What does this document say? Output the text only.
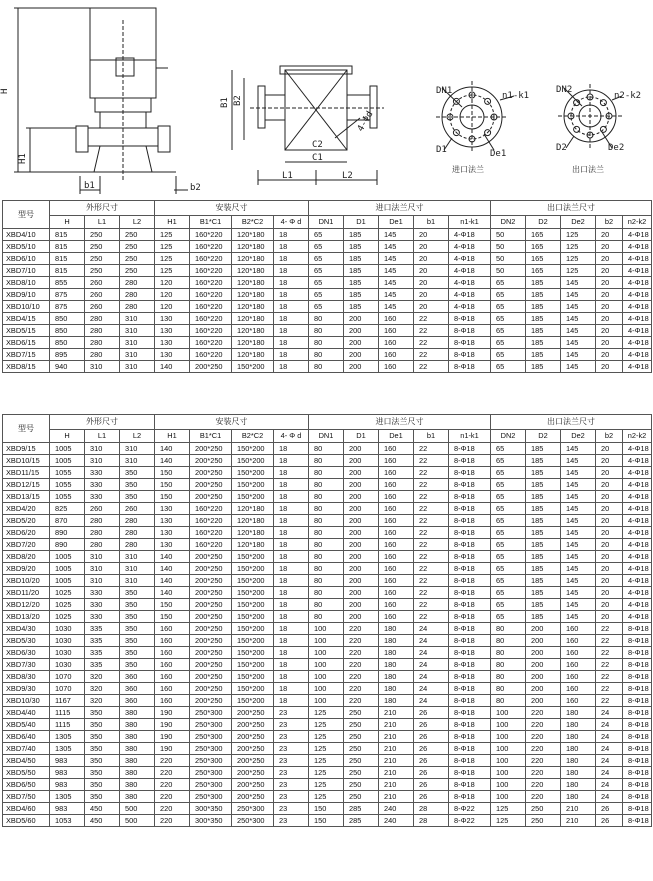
H
H1
b1	b2
B1 B2
C2
C1
L1	L2
4-Φd
DN1	n1-k1
D1	De1
进口法兰
DN2
n2-k2
D2	De2
出口法兰
型号	外形尺寸			安装尺寸				进口法兰尺寸					出口法兰尺寸				
	H	L1	L2	H1	B1*C1	B2*C2	4- Φ d	DN1	D1	De1	b1	n1-k1	DN2	D2	De2	b2	n2-k2
XBD4/10	815	250	250	125	160*220	120*180	18	65	185	145	20	4-Φ18	50	165	125	20	4-Φ18
XBD5/10	815	250	250	125	160*220	120*180	18	65	185	145	20	4-Φ18	50	165	125	20	4-Φ18
XBD6/10	815	250	250	125	160*220	120*180	18	65	185	145	20	4-Φ18	50	165	125	20	4-Φ18
XBD7/10	815	250	250	125	160*220	120*180	18	65	185	145	20	4-Φ18	50	165	125	20	4-Φ18
XBD8/10	855	260	280	120	160*220	120*180	18	65	185	145	20	4-Φ18	65	185	145	20	4-Φ18
XBD9/10	875	260	280	120	160*220	120*180	18	65	185	145	20	4-Φ18	65	185	145	20	4-Φ18
XBD10/10	875	260	280	120	160*220	120*180	18	65	185	145	20	4-Φ18	65	185	145	20	4-Φ18
XBD4/15	850	280	310	130	160*220	120*180	18	80	200	160	22	8-Φ18	65	185	145	20	4-Φ18
XBD5/15	850	280	310	130	160*220	120*180	18	80	200	160	22	8-Φ18	65	185	145	20	4-Φ18
XBD6/15	850	280	310	130	160*220	120*180	18	80	200	160	22	8-Φ18	65	185	145	20	4-Φ18
XBD7/15	895	280	310	130	160*220	120*180	18	80	200	160	22	8-Φ18	65	185	145	20	4-Φ18
XBD8/15	940	310	310	140	200*250	150*200	18	80	200	160	22	8-Φ18	65	185	145	20	4-Φ18
型号	外形尺寸			安装尺寸				进口法兰尺寸					出口法兰尺寸				
	H	L1	L2	H1	B1*C1	B2*C2	4- Φ d	DN1	D1	De1	b1	n1-k1	DN2	D2	De2	b2	n2-k2
XBD9/15	1005	310	310	140	200*250	150*200	18	80	200	160	22	8-Φ18	65	185	145	20	4-Φ18
XBD10/15	1005	310	310	140	200*250	150*200	18	80	200	160	22	8-Φ18	65	185	145	20	4-Φ18
XBD11/15	1055	330	350	150	200*250	150*200	18	80	200	160	22	8-Φ18	65	185	145	20	4-Φ18
XBD12/15	1055	330	350	150	200*250	150*200	18	80	200	160	22	8-Φ18	65	185	145	20	4-Φ18
XBD13/15	1055	330	350	150	200*250	150*200	18	80	200	160	22	8-Φ18	65	185	145	20	4-Φ18
XBD4/20	825	260	260	130	160*220	120*180	18	80	200	160	22	8-Φ18	65	185	145	20	4-Φ18
XBD5/20	870	280	280	130	160*220	120*180	18	80	200	160	22	8-Φ18	65	185	145	20	4-Φ18
XBD6/20	890	280	280	130	160*220	120*180	18	80	200	160	22	8-Φ18	65	185	145	20	4-Φ18
XBD7/20	890	280	280	130	160*220	120*180	18	80	200	160	22	8-Φ18	65	185	145	20	4-Φ18
XBD8/20	1005	310	310	140	200*250	150*200	18	80	200	160	22	8-Φ18	65	185	145	20	4-Φ18
XBD9/20	1005	310	310	140	200*250	150*200	18	80	200	160	22	8-Φ18	65	185	145	20	4-Φ18
XBD10/20	1005	310	310	140	200*250	150*200	18	80	200	160	22	8-Φ18	65	185	145	20	4-Φ18
XBD11/20	1025	330	350	140	200*250	150*200	18	80	200	160	22	8-Φ18	65	185	145	20	4-Φ18
XBD12/20	1025	330	350	150	200*250	150*200	18	80	200	160	22	8-Φ18	65	185	145	20	4-Φ18
XBD13/20	1025	330	350	150	200*250	150*200	18	80	200	160	22	8-Φ18	65	185	145	20	4-Φ18
XBD4/30	1030	335	350	160	200*250	150*200	18	100	220	180	24	8-Φ18	80	200	160	22	8-Φ18
XBD5/30	1030	335	350	160	200*250	150*200	18	100	220	180	24	8-Φ18	80	200	160	22	8-Φ18
XBD6/30	1030	335	350	160	200*250	150*200	18	100	220	180	24	8-Φ18	80	200	160	22	8-Φ18
XBD7/30	1030	335	350	160	200*250	150*200	18	100	220	180	24	8-Φ18	80	200	160	22	8-Φ18
XBD8/30	1070	320	360	160	200*250	150*200	18	100	220	180	24	8-Φ18	80	200	160	22	8-Φ18
XBD9/30	1070	320	360	160	200*250	150*200	18	100	220	180	24	8-Φ18	80	200	160	22	8-Φ18
XBD10/30	1167	320	360	160	200*250	150*200	18	100	220	180	24	8-Φ18	80	200	160	22	8-Φ18
XBD4/40	1115	350	380	190	250*300	200*250	23	125	250	210	26	8-Φ18	100	220	180	24	8-Φ18
XBD5/40	1115	350	380	190	250*300	200*250	23	125	250	210	26	8-Φ18	100	220	180	24	8-Φ18
XBD6/40	1305	350	380	190	250*300	200*250	23	125	250	210	26	8-Φ18	100	220	180	24	8-Φ18
XBD7/40	1305	350	380	190	250*300	200*250	23	125	250	210	26	8-Φ18	100	220	180	24	8-Φ18
XBD4/50	983	350	380	220	250*300	200*250	23	125	250	210	26	8-Φ18	100	220	180	24	8-Φ18
XBD5/50	983	350	380	220	250*300	200*250	23	125	250	210	26	8-Φ18	100	220	180	24	8-Φ18
XBD6/50	983	350	380	220	250*300	200*250	23	125	250	210	26	8-Φ18	100	220	180	24	8-Φ18
XBD7/50	1305	350	380	220	250*300	200*250	23	125	250	210	26	8-Φ18	100	220	180	24	8-Φ18
XBD4/60	983	450	500	220	300*350	250*300	23	150	285	240	28	8-Φ22	125	250	210	26	8-Φ18
XBD5/60	1053	450	500	220	300*350	250*300	23	150	285	240	28	8-Φ22	125	250	210	26	8-Φ18
